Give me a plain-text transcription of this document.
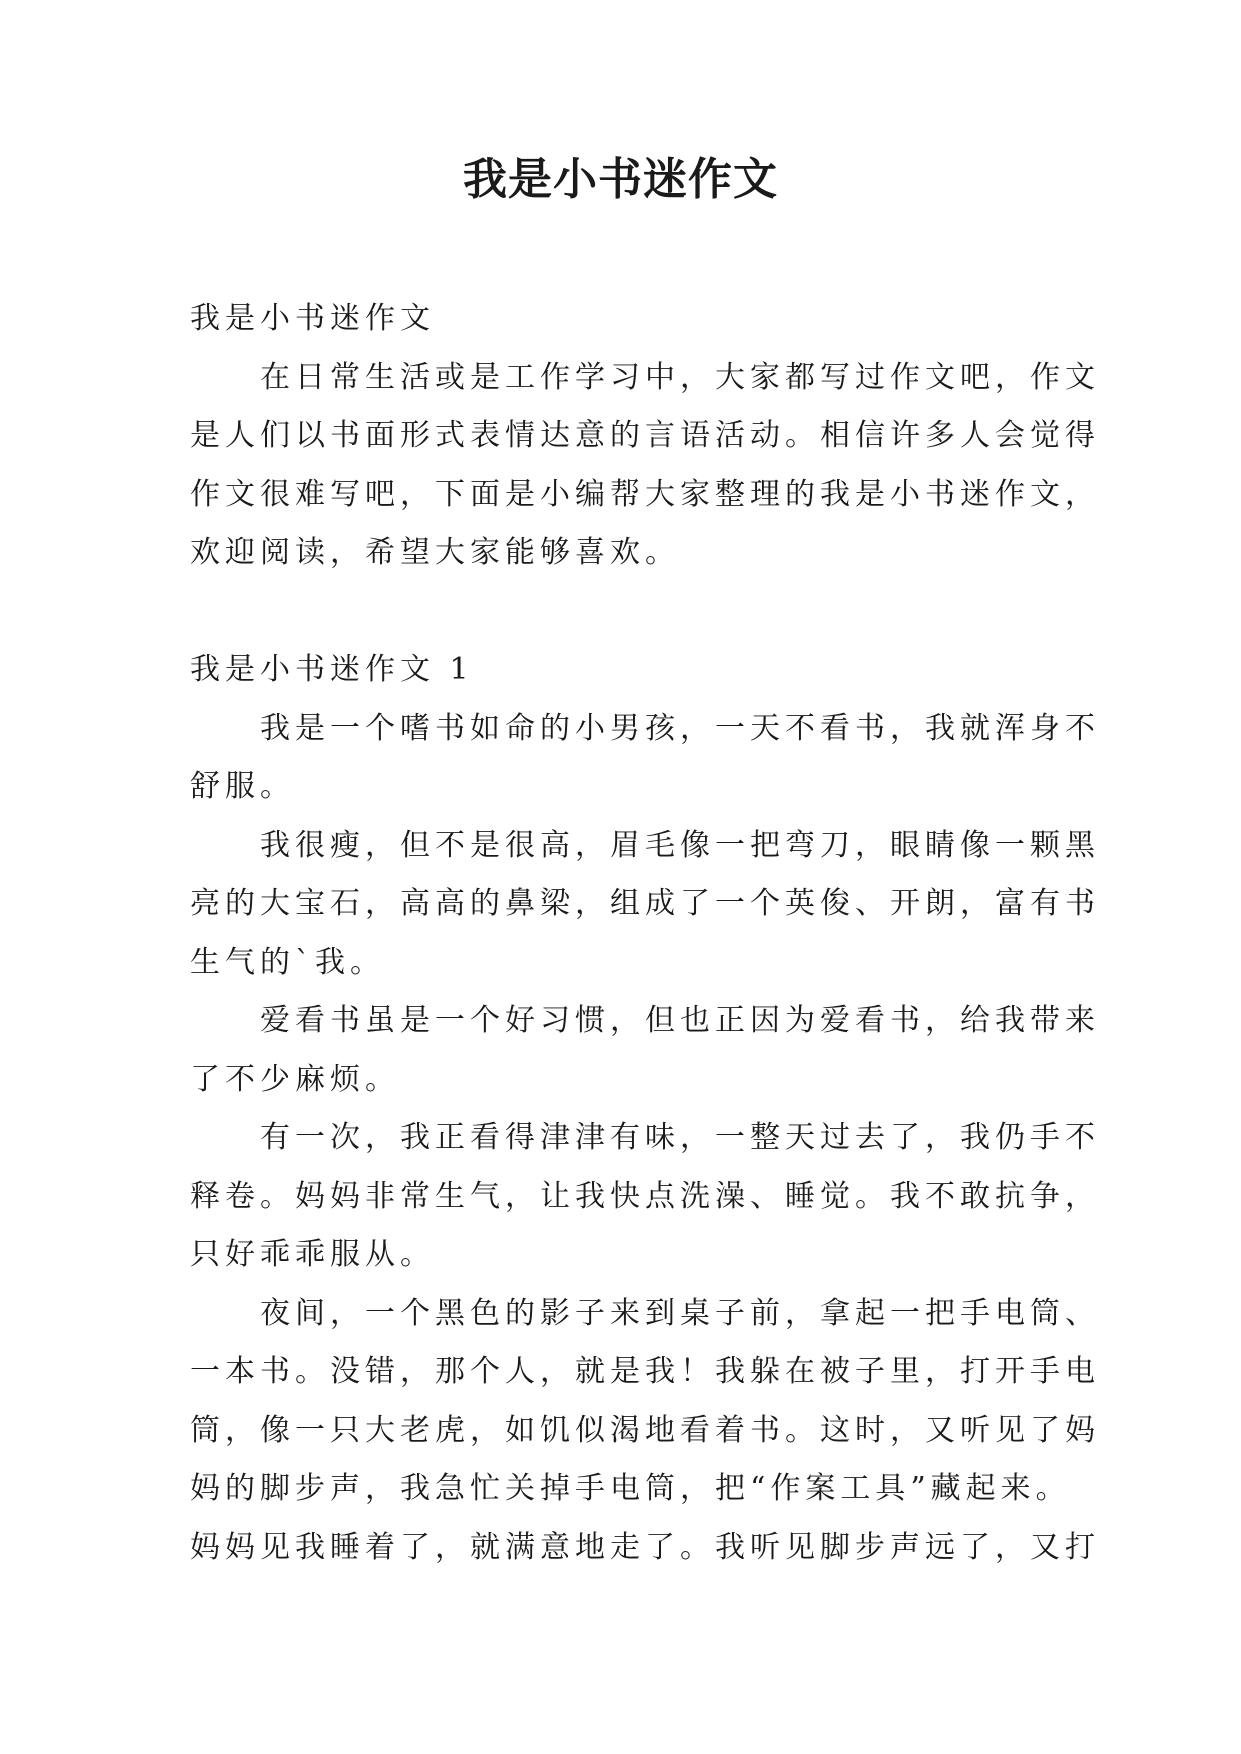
我是小书迷作文
我是小书迷作文
在日常生活或是工作学习中，大家都写过作文吧，作文
是人们以书面形式表情达意的言语活动。相信许多人会觉得
作文很难写吧，下面是小编帮大家整理的我是小书迷作文，
欢迎阅读，希望大家能够喜欢。
我是小书迷作文 1
我是一个嗜书如命的小男孩，一天不看书，我就浑身不
舒服。
我很瘦，但不是很高，眉毛像一把弯刀，眼睛像一颗黑
亮的大宝石，高高的鼻梁，组成了一个英俊、开朗，富有书
生气的`我。
爱看书虽是一个好习惯，但也正因为爱看书，给我带来
了不少麻烦。
有一次，我正看得津津有味，一整天过去了，我仍手不
释卷。妈妈非常生气，让我快点洗澡、睡觉。我不敢抗争，
只好乖乖服从。
夜间，一个黑色的影子来到桌子前，拿起一把手电筒、
一本书。没错，那个人，就是我！我躲在被子里，打开手电
筒，像一只大老虎，如饥似渴地看着书。这时，又听见了妈
妈的脚步声，我急忙关掉手电筒，把“作案工具”藏起来。
妈妈见我睡着了，就满意地走了。我听见脚步声远了，又打
